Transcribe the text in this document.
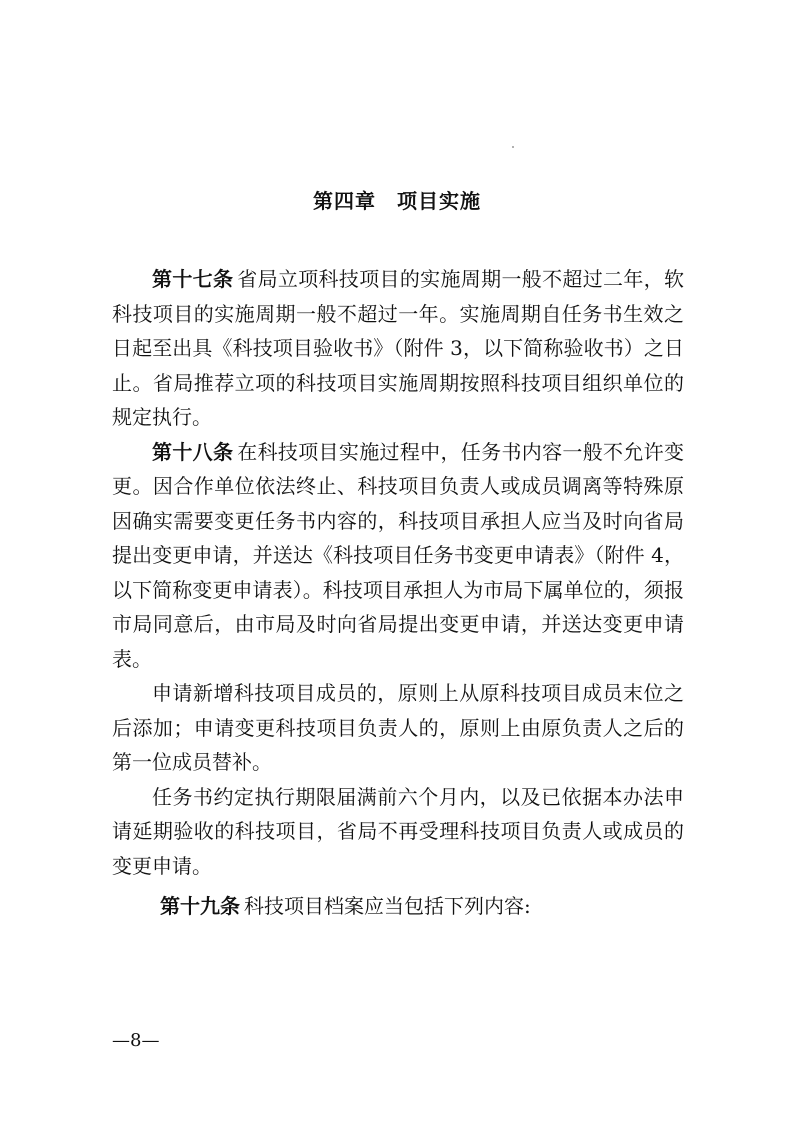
第四章　项目实施

第十七条 省局立项科技项目的实施周期一般不超过二年，软科技项目的实施周期一般不超过一年。实施周期自任务书生效之日起至出具《科技项目验收书》（附件 3，以下简称验收书）之日止。省局推荐立项的科技项目实施周期按照科技项目组织单位的规定执行。

第十八条 在科技项目实施过程中，任务书内容一般不允许变更。因合作单位依法终止、科技项目负责人或成员调离等特殊原因确实需要变更任务书内容的，科技项目承担人应当及时向省局提出变更申请，并送达《科技项目任务书变更申请表》（附件 4，以下简称变更申请表）。科技项目承担人为市局下属单位的，须报市局同意后，由市局及时向省局提出变更申请，并送达变更申请表。

申请新增科技项目成员的，原则上从原科技项目成员末位之后添加；申请变更科技项目负责人的，原则上由原负责人之后的第一位成员替补。

任务书约定执行期限届满前六个月内，以及已依据本办法申请延期验收的科技项目，省局不再受理科技项目负责人或成员的变更申请。

第十九条 科技项目档案应当包括下列内容:

—8—
